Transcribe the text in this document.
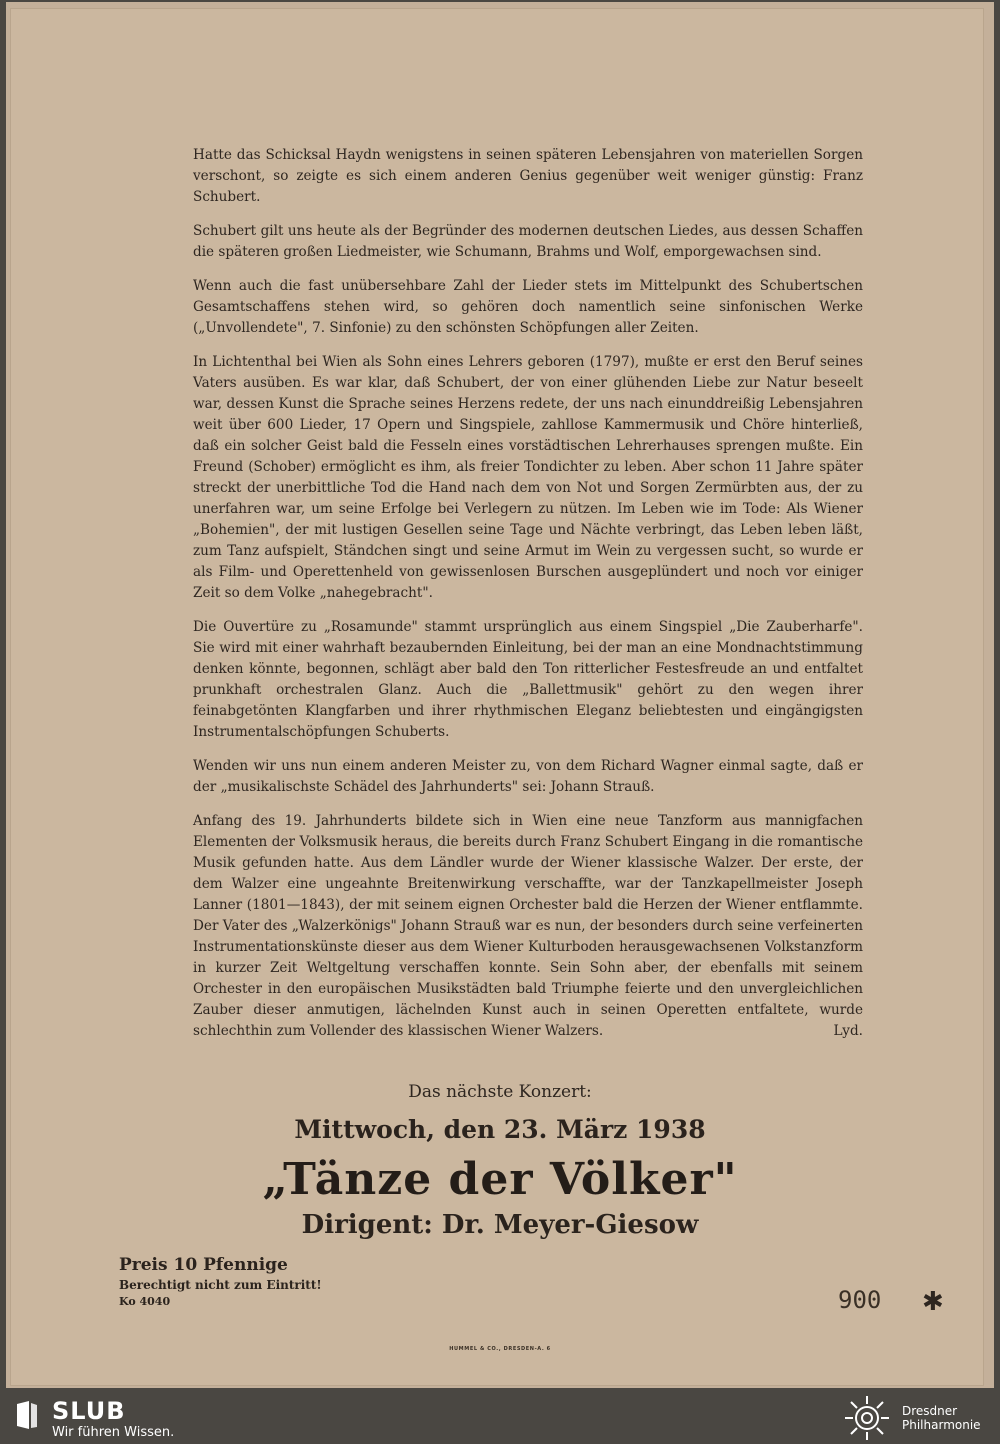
Hatte das Schicksal Haydn wenigstens in seinen späteren Lebensjahren von materiellen Sorgen verschont, so zeigte es sich einem anderen Genius gegenüber weit weniger günstig: Franz Schubert.

Schubert gilt uns heute als der Begründer des modernen deutschen Liedes, aus dessen Schaffen die späteren großen Liedmeister, wie Schumann, Brahms und Wolf, emporgewachsen sind.

Wenn auch die fast unübersehbare Zahl der Lieder stets im Mittelpunkt des Schubertschen Gesamtschaffens stehen wird, so gehören doch namentlich seine sinfonischen Werke („Unvollendete", 7. Sinfonie) zu den schönsten Schöpfungen aller Zeiten.

In Lichtenthal bei Wien als Sohn eines Lehrers geboren (1797), mußte er erst den Beruf seines Vaters ausüben. Es war klar, daß Schubert, der von einer glühenden Liebe zur Natur beseelt war, dessen Kunst die Sprache seines Herzens redete, der uns nach einunddreißig Lebensjahren weit über 600 Lieder, 17 Opern und Singspiele, zahllose Kammermusik und Chöre hinterließ, daß ein solcher Geist bald die Fesseln eines vorstädtischen Lehrerhauses sprengen mußte. Ein Freund (Schober) ermöglicht es ihm, als freier Tondichter zu leben. Aber schon 11 Jahre später streckt der unerbittliche Tod die Hand nach dem von Not und Sorgen Zermürbten aus, der zu unerfahren war, um seine Erfolge bei Verlegern zu nützen. Im Leben wie im Tode: Als Wiener „Bohemien", der mit lustigen Gesellen seine Tage und Nächte verbringt, das Leben leben läßt, zum Tanz aufspielt, Ständchen singt und seine Armut im Wein zu vergessen sucht, so wurde er als Film- und Operettenheld von gewissenlosen Burschen ausgeplündert und noch vor einiger Zeit so dem Volke „nahegebracht".

Die Ouvertüre zu „Rosamunde" stammt ursprünglich aus einem Singspiel „Die Zauberharfe". Sie wird mit einer wahrhaft bezaubernden Einleitung, bei der man an eine Mondnachtstimmung denken könnte, begonnen, schlägt aber bald den Ton ritterlicher Festesfreude an und entfaltet prunkhaft orchestralen Glanz. Auch die „Ballettmusik" gehört zu den wegen ihrer feinabgetönten Klangfarben und ihrer rhythmischen Eleganz beliebtesten und eingängigsten Instrumentalschöpfungen Schuberts.

Wenden wir uns nun einem anderen Meister zu, von dem Richard Wagner einmal sagte, daß er der „musikalischste Schädel des Jahrhunderts" sei: Johann Strauß.

Anfang des 19. Jahrhunderts bildete sich in Wien eine neue Tanzform aus mannigfachen Elementen der Volksmusik heraus, die bereits durch Franz Schubert Eingang in die romantische Musik gefunden hatte. Aus dem Ländler wurde der Wiener klassische Walzer. Der erste, der dem Walzer eine ungeahnte Breitenwirkung verschaffte, war der Tanzkapellmeister Joseph Lanner (1801—1843), der mit seinem eignen Orchester bald die Herzen der Wiener entflammte. Der Vater des „Walzerkönigs" Johann Strauß war es nun, der besonders durch seine verfeinerten Instrumentationskünste dieser aus dem Wiener Kulturboden herausgewachsenen Volkstanzform in kurzer Zeit Weltgeltung verschaffen konnte. Sein Sohn aber, der ebenfalls mit seinem Orchester in den europäischen Musikstädten bald Triumphe feierte und den unvergleichlichen Zauber dieser anmutigen, lächelnden Kunst auch in seinen Operetten entfaltete, wurde schlechthin zum Vollender des klassischen Wiener Walzers.	Lyd.

Das nächste Konzert:
Mittwoch, den 23. März 1938
„Tänze der Völker"
Dirigent: Dr. Meyer-Giesow
Preis 10 Pfennige
Berechtigt nicht zum Eintritt!
Ko 4040	900 ✱
HUMMEL & CO., DRESDEN-A. 6
SLUB
Wir führen Wissen.
Dresdner
Philharmonie
